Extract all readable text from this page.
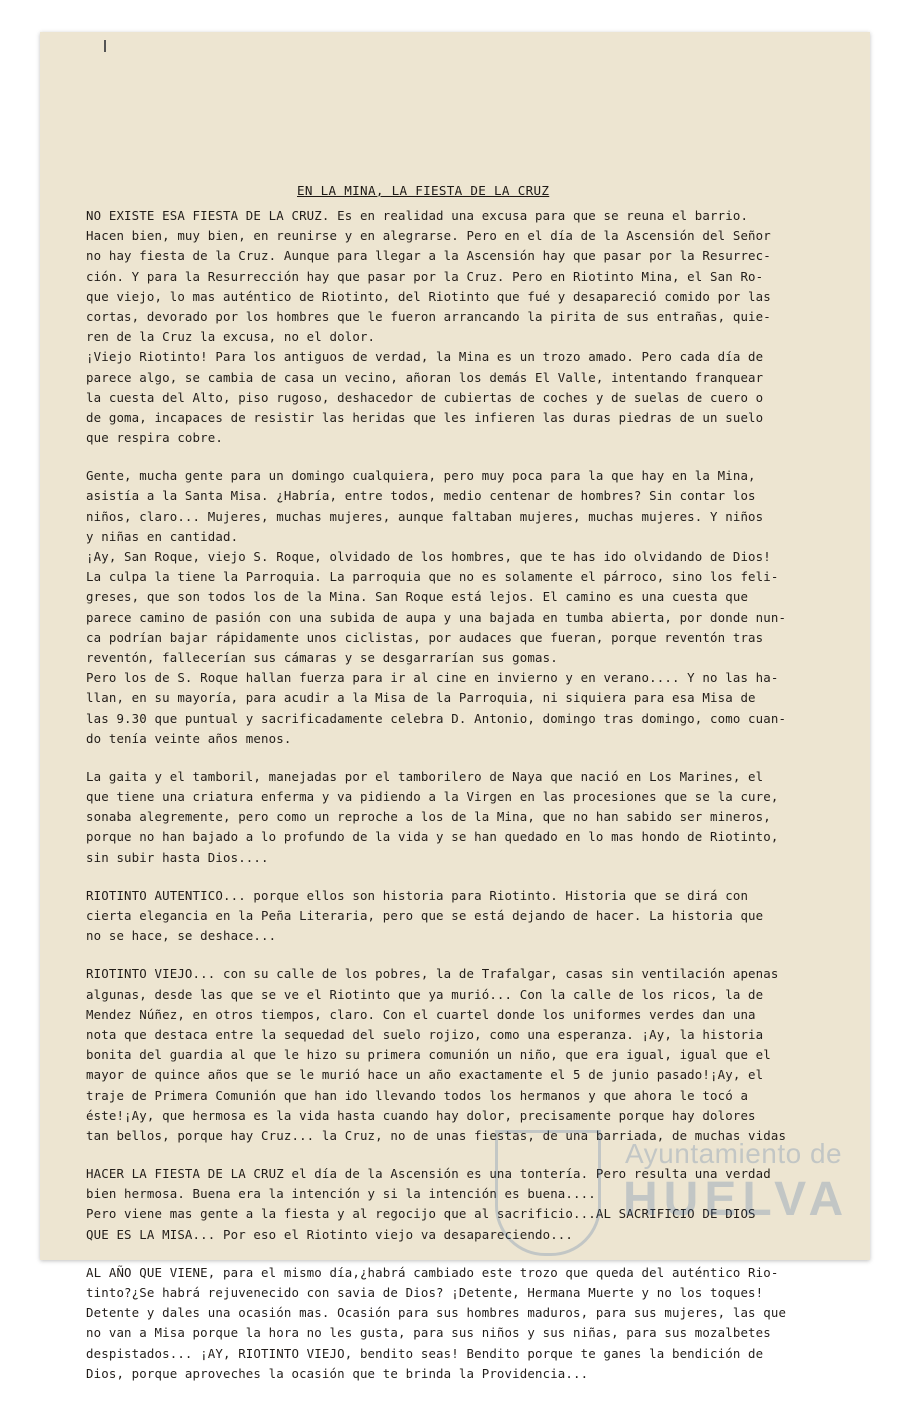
EN LA MINA, LA FIESTA DE LA CRUZ

NO EXISTE ESA FIESTA DE LA CRUZ. Es en realidad una excusa para que se reuna el barrio.
Hacen bien, muy bien, en reunirse y en alegrarse. Pero en el día de la Ascensión del Señor
no hay fiesta de la Cruz. Aunque para llegar a la Ascensión hay que pasar por la Resurrec-
ción. Y para la Resurrección hay que pasar por la Cruz. Pero en Riotinto Mina, el San Ro-
que viejo, lo mas auténtico de Riotinto, del Riotinto que fué y desapareció comido por las
cortas, devorado por los hombres que le fueron arrancando la pirita de sus entrañas, quie-
ren de la Cruz la excusa, no el dolor.
¡Viejo Riotinto! Para los antiguos de verdad, la Mina es un trozo amado. Pero cada día de
parece algo, se cambia de casa un vecino, añoran los demás El Valle, intentando franquear
la cuesta del Alto, piso rugoso, deshacedor de cubiertas de coches y de suelas de cuero o
de goma, incapaces de resistir las heridas que les infieren las duras piedras de un suelo
que respira cobre.

Gente, mucha gente para un domingo cualquiera, pero muy poca para la que hay en la Mina,
asistía a la Santa Misa. ¿Habría, entre todos, medio centenar de hombres? Sin contar los
niños, claro... Mujeres, muchas mujeres, aunque faltaban mujeres, muchas mujeres. Y niños
y niñas en cantidad.
¡Ay, San Roque, viejo S. Roque, olvidado de los hombres, que te has ido olvidando de Dios!
La culpa la tiene la Parroquia. La parroquia que no es solamente el párroco, sino los feli-
greses, que son todos los de la Mina. San Roque está lejos. El camino es una cuesta que
parece camino de pasión con una subida de aupa y una bajada en tumba abierta, por donde nun-
ca podrían bajar rápidamente unos ciclistas, por audaces que fueran, porque reventón tras
reventón, fallecerían sus cámaras y se desgarrarían sus gomas.
Pero los de S. Roque hallan fuerza para ir al cine en invierno y en verano.... Y no las ha-
llan, en su mayoría, para acudir a la Misa de la Parroquia, ni siquiera para esa Misa de
las 9.30 que puntual y sacrificadamente celebra D. Antonio, domingo tras domingo, como cuan-
do tenía veinte años menos.

La gaita y el tamboril, manejadas por el tamborilero de Naya que nació en Los Marines, el
que tiene una criatura enferma y va pidiendo a la Virgen en las procesiones que se la cure,
sonaba alegremente, pero como un reproche a los de la Mina, que no han sabido ser mineros,
porque no han bajado a lo profundo de la vida y se han quedado en lo mas hondo de Riotinto,
sin subir hasta Dios....

RIOTINTO AUTENTICO... porque ellos son historia para Riotinto. Historia que se dirá con
cierta elegancia en la Peña Literaria, pero que se está dejando de hacer. La historia que
no se hace, se deshace...

RIOTINTO VIEJO... con su calle de los pobres, la de Trafalgar, casas sin ventilación apenas
algunas, desde las que se ve el Riotinto que ya murió... Con la calle de los ricos, la de
Mendez Núñez, en otros tiempos, claro. Con el cuartel donde los uniformes verdes dan una
nota que destaca entre la sequedad del suelo rojizo, como una esperanza. ¡Ay, la historia
bonita del guardia al que le hizo su primera comunión un niño, que era igual, igual que el
mayor de quince años que se le murió hace un año exactamente el 5 de junio pasado!¡Ay, el
traje de Primera Comunión que han ido llevando todos los hermanos y que ahora le tocó a
éste!¡Ay, que hermosa es la vida hasta cuando hay dolor, precisamente porque hay dolores
tan bellos, porque hay Cruz... la Cruz, no de unas fiestas, de una barriada, de muchas vidas

HACER LA FIESTA DE LA CRUZ el día de la Ascensión es una tontería. Pero resulta una verdad
bien hermosa. Buena era la intención y si la intención es buena....
Pero viene mas gente a la fiesta y al regocijo que al sacrificio...AL SACRIFICIO DE DIOS
QUE ES LA MISA... Por eso el Riotinto viejo va desapareciendo...

AL AÑO QUE VIENE, para el mismo día,¿habrá cambiado este trozo que queda del auténtico Rio-
tinto?¿Se habrá rejuvenecido con savia de Dios? ¡Detente, Hermana Muerte y no los toques!
Detente y dales una ocasión mas. Ocasión para sus hombres maduros, para sus mujeres, las que
no van a Misa porque la hora no les gusta, para sus niños y sus niñas, para sus mozalbetes
despistados... ¡AY, RIOTINTO VIEJO, bendito seas! Bendito porque te ganes la bendición de
Dios, porque aproveches la ocasión que te brinda la Providencia...

Ayuntamiento de
HUELVA
